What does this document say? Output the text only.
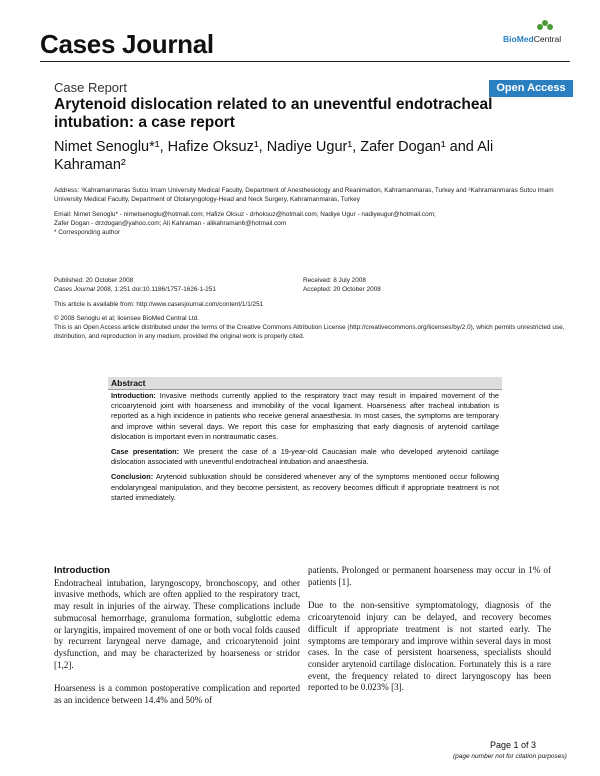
Cases Journal	BioMedCentral
Case Report	Open Access
Arytenoid dislocation related to an uneventful endotracheal intubation: a case report
Nimet Senoglu*¹, Hafize Oksuz¹, Nadiye Ugur¹, Zafer Dogan¹ and Ali Kahraman²
Address: ¹Kahramanmaras Sutcu Imam University Medical Faculty, Department of Anesthesiology and Reanimation, Kahramanmaras, Turkey and ²Kahramanmaras Sutcu Imam University Medical Faculty, Department of Otolaryngology-Head and Neck Surgery, Kahramanmaras, Turkey
Email: Nimet Senoglu* - nimetsenoglu@hotmail.com; Hafize Oksuz - drhoksuz@hotmail.com; Nadiye Ugur - nadiyeugur@hotmail.com;
Zafer Dogan - drzdogan@yahoo.com; Ali Kahraman - alikahraman6@hotmail.com
* Corresponding author
Published: 20 October 2008
Cases Journal 2008, 1:251 doi:10.1186/1757-1626-1-251
Received: 8 July 2008
Accepted: 20 October 2008
This article is available from: http://www.casesjournal.com/content/1/1/251
© 2008 Senoglu et al; licensee BioMed Central Ltd.
This is an Open Access article distributed under the terms of the Creative Commons Attribution License (http://creativecommons.org/licenses/by/2.0), which permits unrestricted use, distribution, and reproduction in any medium, provided the original work is properly cited.
Abstract

Introduction: Invasive methods currently applied to the respiratory tract may result in impaired movement of the cricoarytenoid joint with hoarseness and immobility of the vocal ligament. Hoarseness after tracheal intubation is reported as a high incidence in patients who receive general anaesthesia. In most cases, the symptoms are temporary and improve within several days. We report this case for emphasizing that early diagnosis of arytenoid cartilage dislocation is important even in nontraumatic cases.

Case presentation: We present the case of a 19-year-old Caucasian male who developed arytenoid cartilage dislocation associated with uneventful endotracheal intubation and anaesthesia.

Conclusion: Arytenoid subluxation should be considered whenever any of the symptoms mentioned occur following endolaryngeal manipulation, and they become persistent, as recovery becomes difficult if appropriate treatment is not started immediately.

Introduction

Endotracheal intubation, laryngoscopy, bronchoscopy, and other invasive methods, which are often applied to the respiratory tract, may result in injuries of the airway. These complications include submucosal hemorrhage, granuloma formation, subglottic edema or laryngitis, impaired movement of one or both vocal folds caused by recurrent laryngeal nerve damage, and cricoarytenoid joint dysfunction, and may be characterized by hoarseness or stridor [1,2].

Hoarseness is a common postoperative complication and reported as an incidence between 14.4% and 50% of

patients. Prolonged or permanent hoarseness may occur in 1% of patients [1].

Due to the non-sensitive symptomatology, diagnosis of the cricoarytenoid injury can be delayed, and recovery becomes difficult if appropriate treatment is not started early. The symptoms are temporary and improve within several days in most cases. In the case of persistent hoarseness, specialists should consider arytenoid cartilage dislocation. Fortunately this is a rare event, the frequency related to direct laryngoscopy has been reported to be 0.023% [3].

Page 1 of 3
(page number not for citation purposes)
